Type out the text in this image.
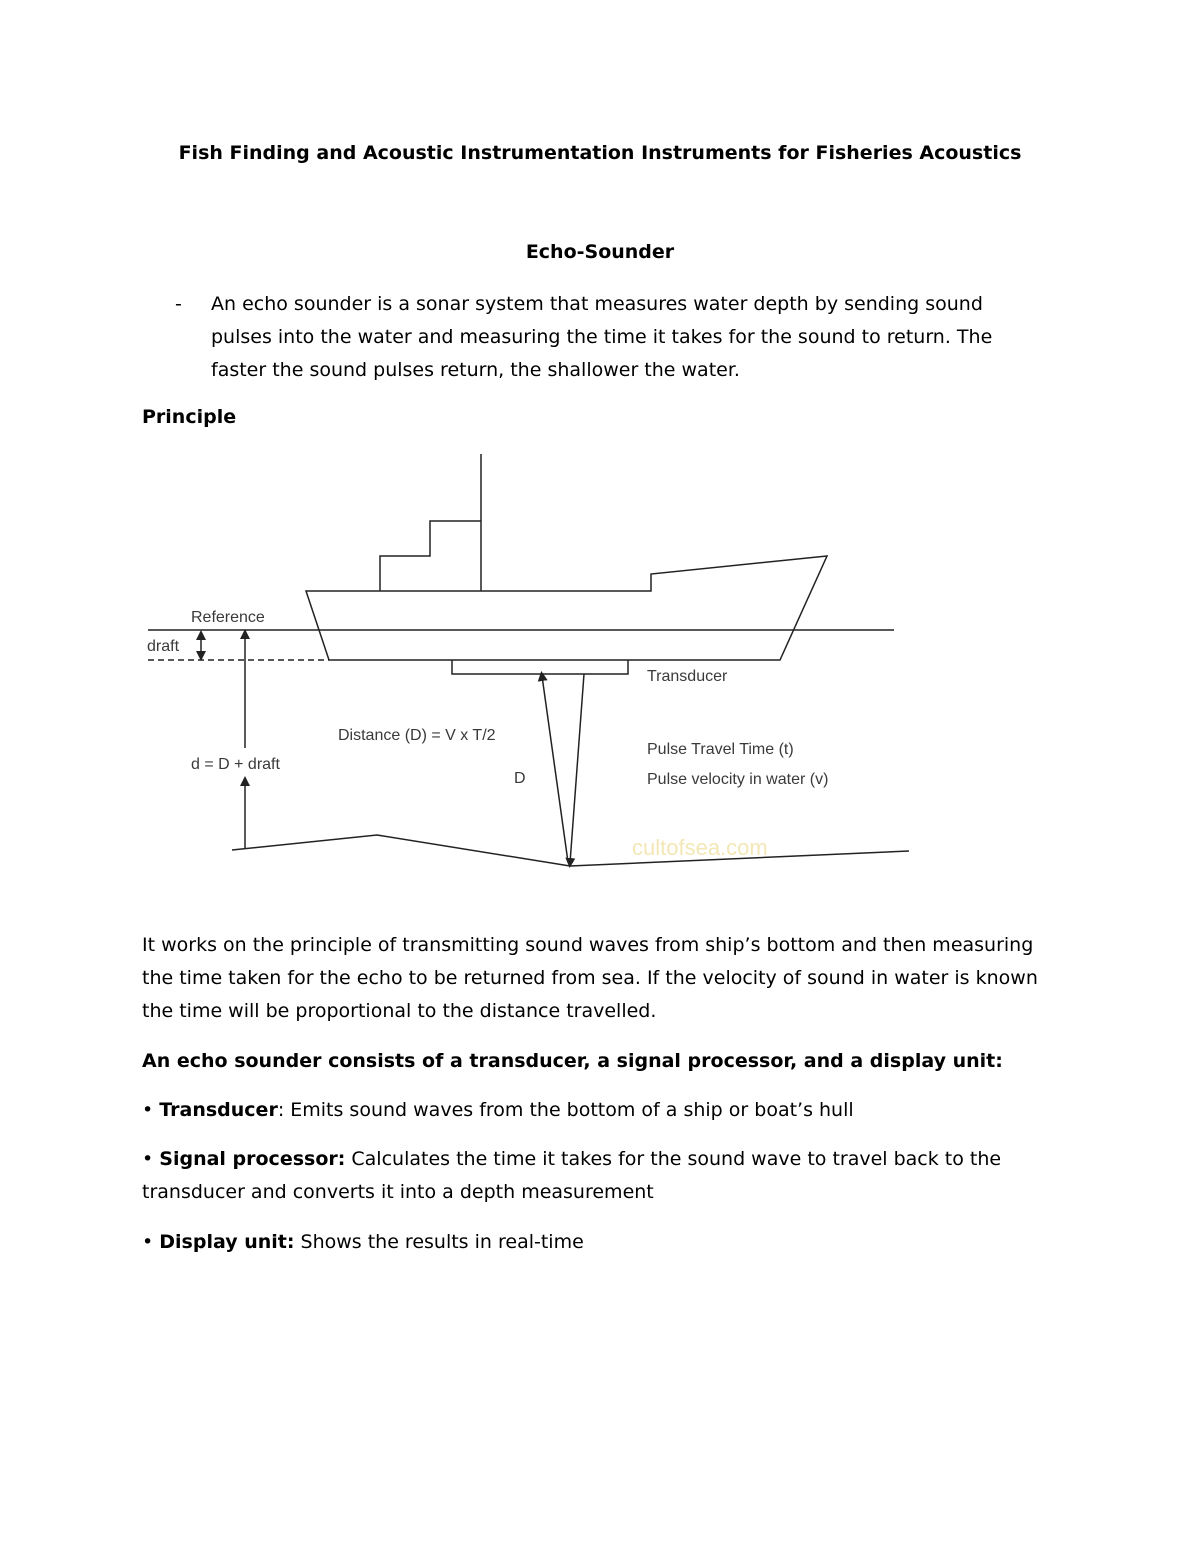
Fish Finding and Acoustic Instrumentation Instruments for Fisheries Acoustics
Echo-Sounder
- An echo sounder is a sonar system that measures water depth by sending sound pulses into the water and measuring the time it takes for the sound to return. The faster the sound pulses return, the shallower the water.
Principle
Reference
draft
Transducer
Distance (D) = V x T/2
d = D + draft
D
Pulse Travel Time (t)
Pulse velocity in water (v)
cultofsea.com
It works on the principle of transmitting sound waves from ship’s bottom and then measuring the time taken for the echo to be returned from sea. If the velocity of sound in water is known the time will be proportional to the distance travelled.
An echo sounder consists of a transducer, a signal processor, and a display unit:
• Transducer: Emits sound waves from the bottom of a ship or boat’s hull
• Signal processor: Calculates the time it takes for the sound wave to travel back to the transducer and converts it into a depth measurement
• Display unit: Shows the results in real-time
